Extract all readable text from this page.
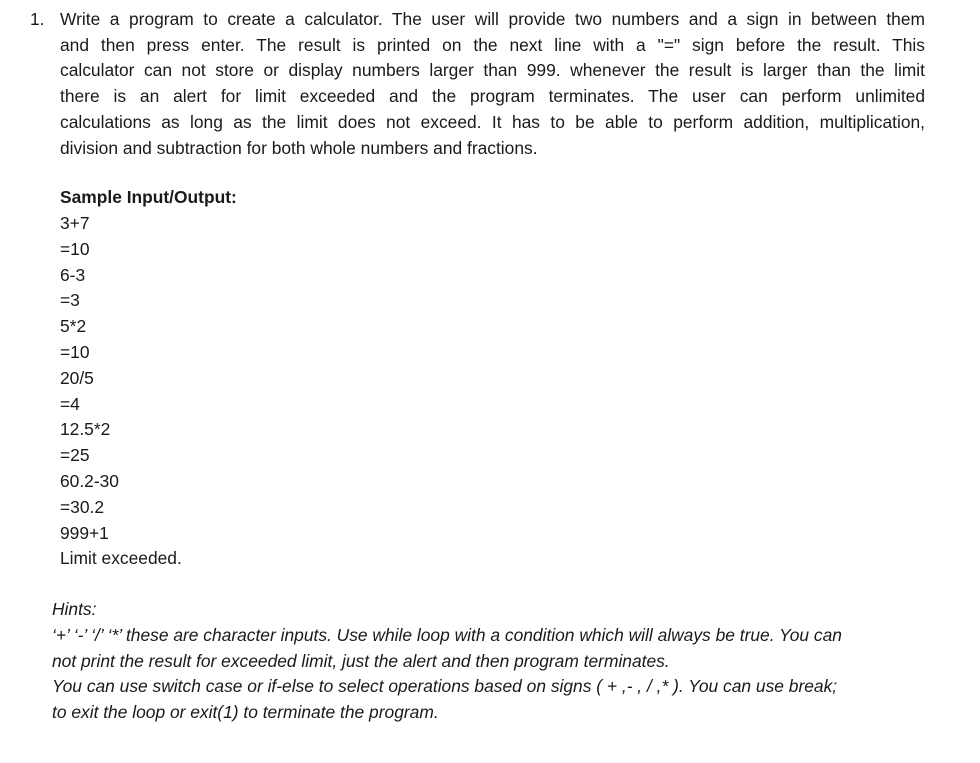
1. Write a program to create a calculator. The user will provide two numbers and a sign in between them
and then press enter. The result is printed on the next line with a "=" sign before the result. This
calculator can not store or display numbers larger than 999. whenever the result is larger than the limit
there is an alert for limit exceeded and the program terminates. The user can perform unlimited
calculations as long as the limit does not exceed. It has to be able to perform addition, multiplication,
division and subtraction for both whole numbers and fractions.
Sample Input/Output:
3+7
=10
6-3
=3
5*2
=10
20/5
=4
12.5*2
=25
60.2-30
=30.2
999+1
Limit exceeded.
Hints:
‘+’ ‘-’ ‘/’ ‘*’ these are character inputs. Use while loop with a condition which will always be true. You can
not print the result for exceeded limit, just the alert and then program terminates.
You can use switch case or if-else to select operations based on signs ( + ,- , / ,* ). You can use break;
to exit the loop or exit(1) to terminate the program.
